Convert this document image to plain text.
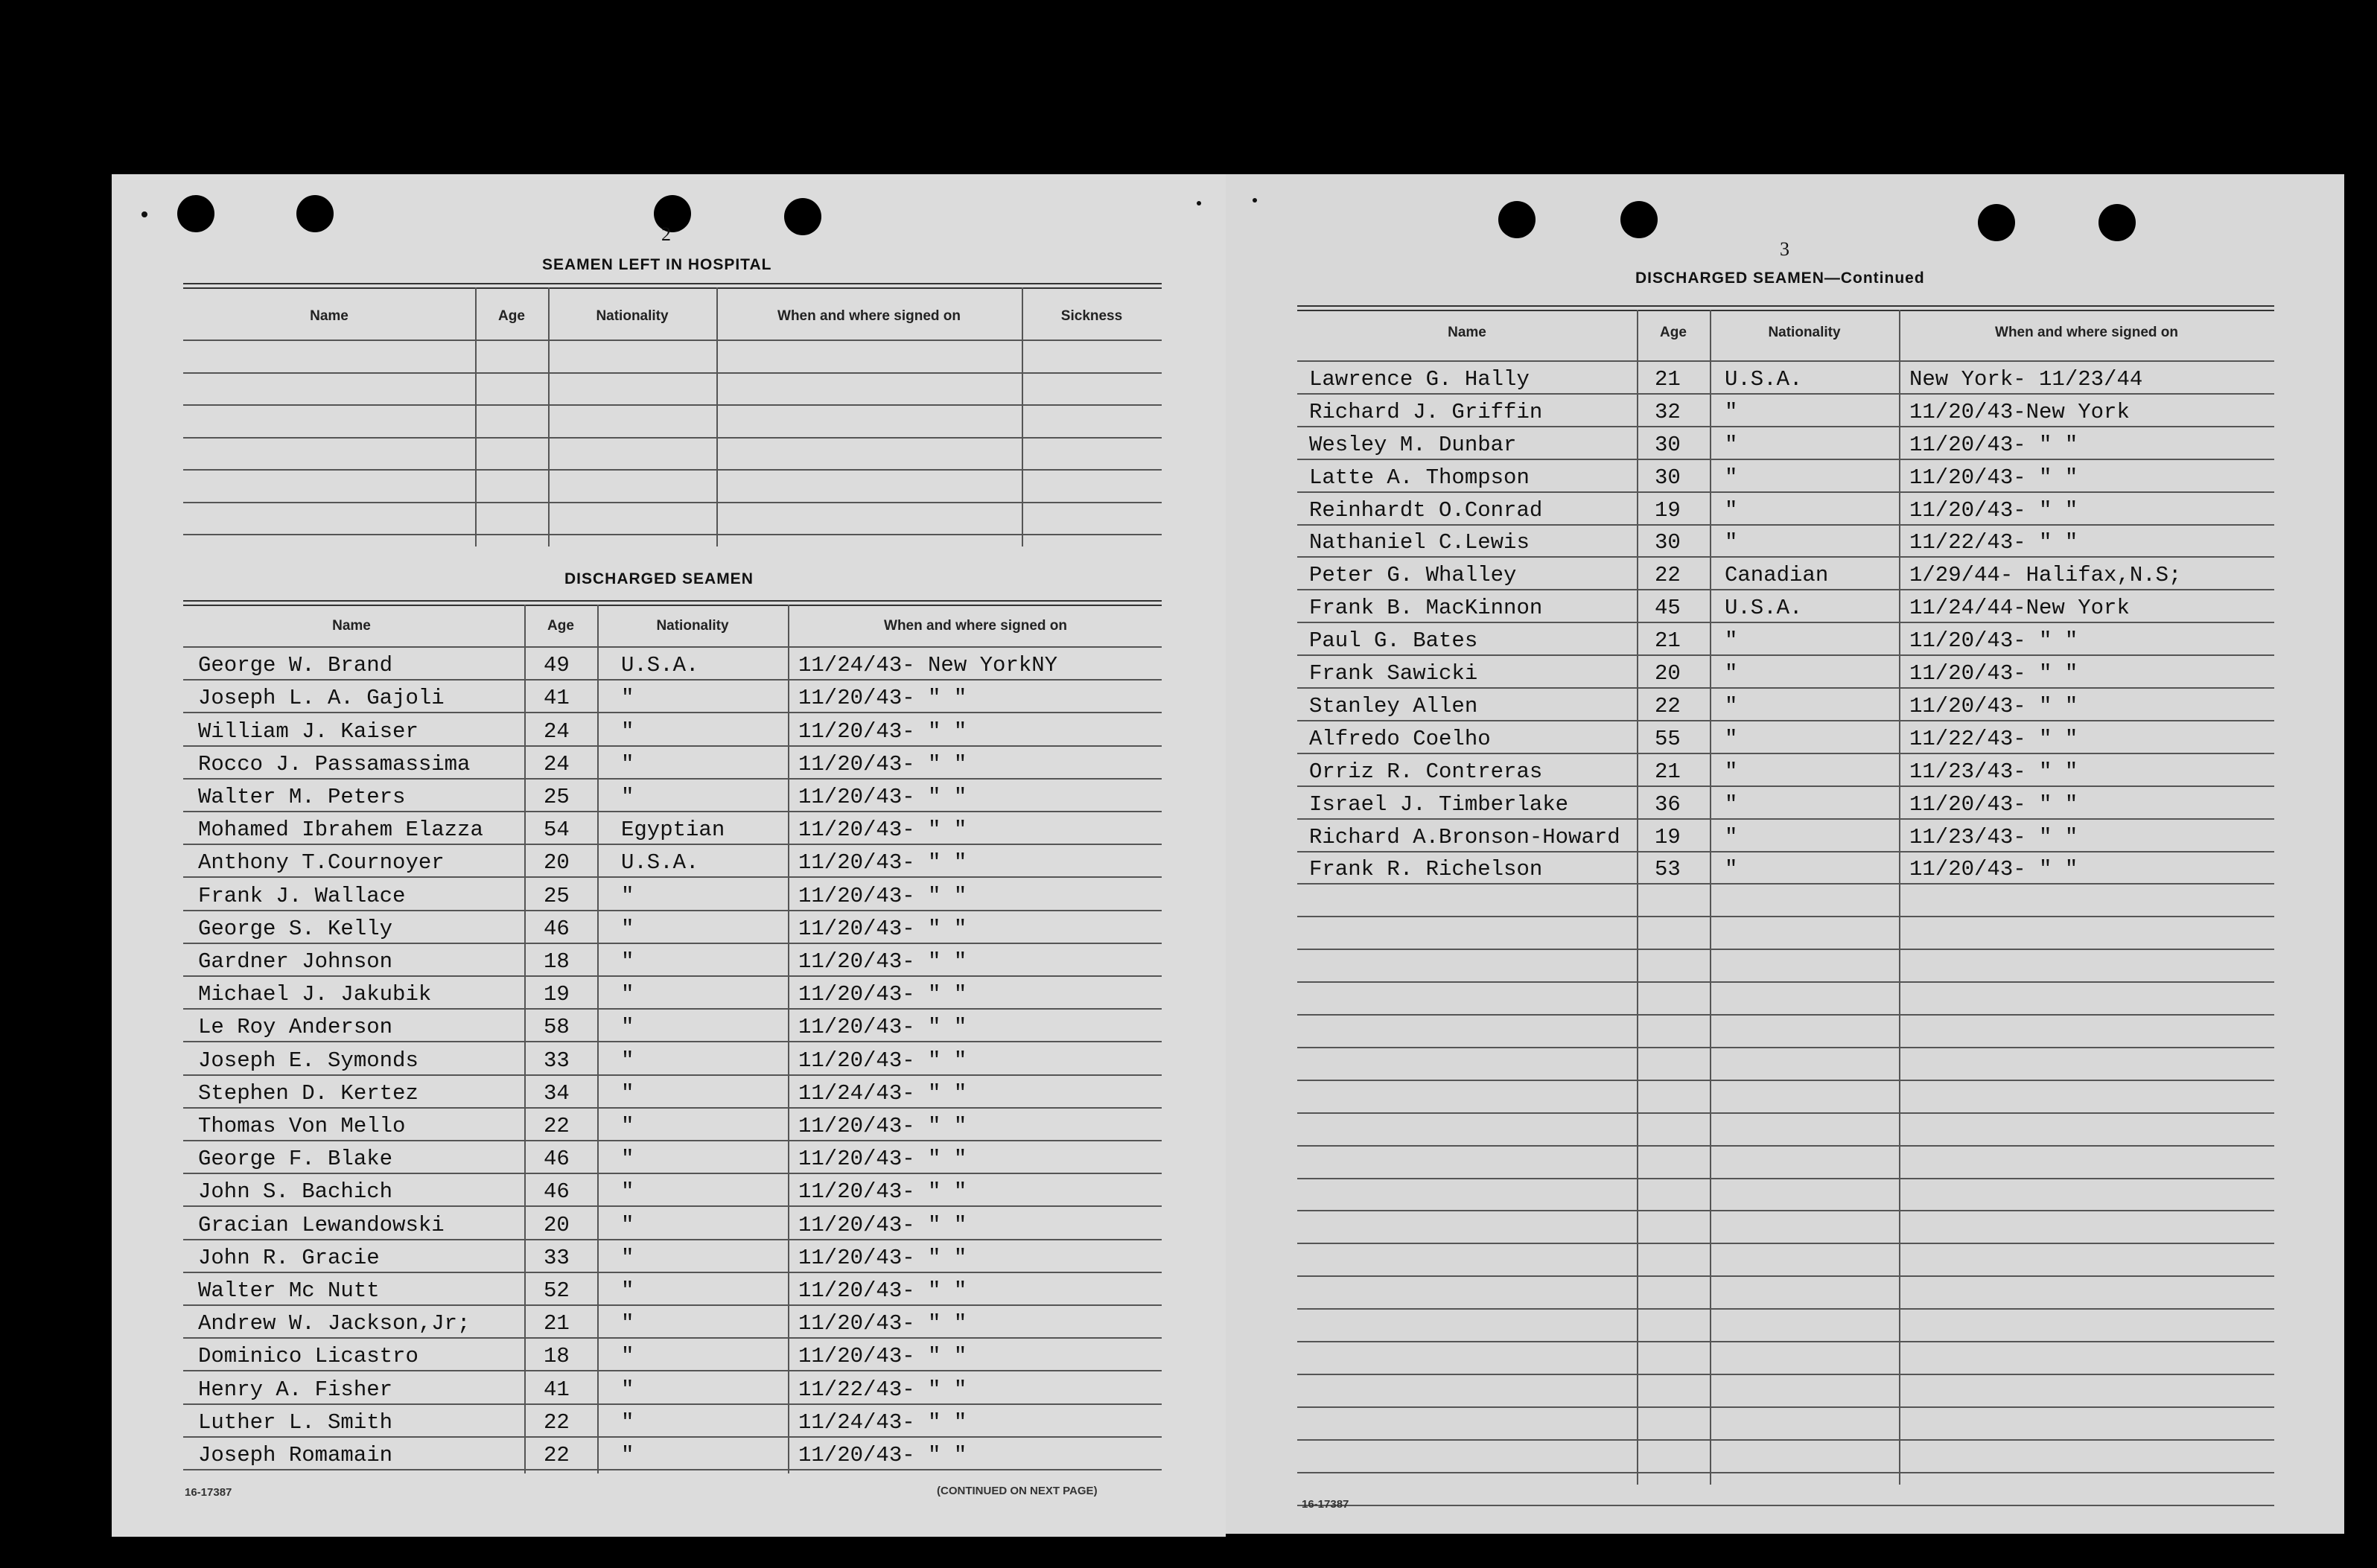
2
SEAMEN LEFT IN HOSPITAL
Name	Age	Nationality	When and where signed on	Sickness
DISCHARGED SEAMEN
Name	Age	Nationality	When and where signed on
George W. Brand	49 U.S.A.	11/24/43- New YorkNY
Joseph L. A. Gajoli	41 "	11/20/43- " "
William J. Kaiser	24 "	11/20/43- " "
Rocco J. Passamassima	24 "	11/20/43- " "
Walter M. Peters	25 "	11/20/43- " "
Mohamed Ibrahem Elazza	54 Egyptian	11/20/43- " "
Anthony T.Cournoyer	20 U.S.A.	11/20/43- " "
Frank J. Wallace	25 "	11/20/43- " "
George S. Kelly	46 "	11/20/43- " "
Gardner Johnson	18 "	11/20/43- " "
Michael J. Jakubik	19 "	11/20/43- " "
Le Roy Anderson	58 "	11/20/43- " "
Joseph E. Symonds	33 "	11/20/43- " "
Stephen D. Kertez	34 "	11/24/43- " "
Thomas Von Mello	22 "	11/20/43- " "
George F. Blake	46 "	11/20/43- " "
John S. Bachich	46 "	11/20/43- " "
Gracian Lewandowski	20 "	11/20/43- " "
John R. Gracie	33 "	11/20/43- " "
Walter Mc Nutt	52 "	11/20/43- " "
Andrew W. Jackson,Jr;	21 "	11/20/43- " "
Dominico Licastro	18 "	11/20/43- " "
Henry A. Fisher	41 "	11/22/43- " "
Luther L. Smith	22 "	11/24/43- " "
Joseph Romamain	22 "	11/20/43- " "
16-17387	(CONTINUED ON NEXT PAGE)
3
DISCHARGED SEAMEN—Continued
Name	Age	Nationality	When and where signed on
Lawrence G. Hally	21 U.S.A.	New York- 11/23/44
Richard J. Griffin	32 "	11/20/43-New York
Wesley M. Dunbar	30 "	11/20/43- " "
Latte A. Thompson	30 "	11/20/43- " "
Reinhardt O.Conrad	19 "	11/20/43- " "
Nathaniel C.Lewis	30 "	11/22/43- " "
Peter G. Whalley	22 Canadian	1/29/44- Halifax,N.S;
Frank B. MacKinnon	45 U.S.A.	11/24/44-New York
Paul G. Bates	21 "	11/20/43- " "
Frank Sawicki	20 "	11/20/43- " "
Stanley Allen	22 "	11/20/43- " "
Alfredo Coelho	55 "	11/22/43- " "
Orriz R. Contreras	21 "	11/23/43- " "
Israel J. Timberlake	36 "	11/20/43- " "
Richard A.Bronson-Howard 19 "	11/23/43- " "
Frank R. Richelson	53 "	11/20/43- " "
16-17387
